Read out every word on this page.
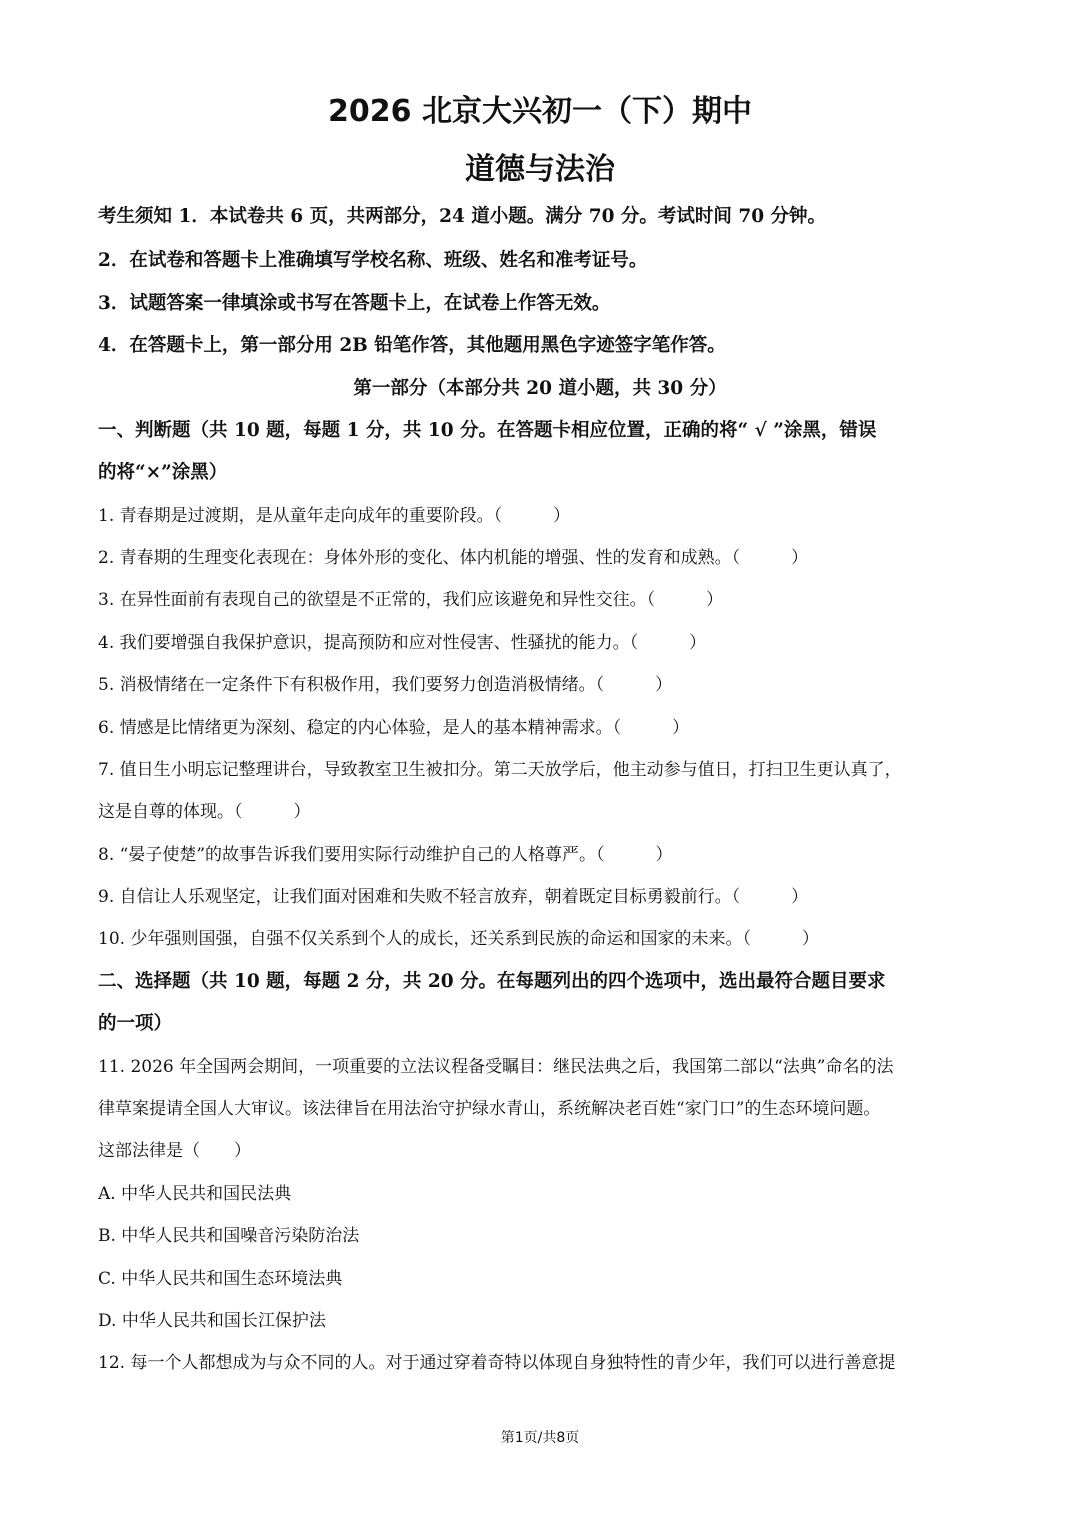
2026 北京大兴初一（下）期中
道德与法治

考生须知 1．本试卷共 6 页，共两部分，24 道小题。满分 70 分。考试时间 70 分钟。

2．在试卷和答题卡上准确填写学校名称、班级、姓名和准考证号。

3．试题答案一律填涂或书写在答题卡上，在试卷上作答无效。

4．在答题卡上，第一部分用 2B 铅笔作答，其他题用黑色字迹签字笔作答。

第一部分（本部分共 20 道小题，共 30 分）

一、判断题（共 10 题，每题 1 分，共 10 分。在答题卡相应位置，正确的将“ √ ”涂黑，错误

的将“×”涂黑）

1. 青春期是过渡期，是从童年走向成年的重要阶段。（　　　）

2. 青春期的生理变化表现在：身体外形的变化、体内机能的增强、性的发育和成熟。（　　　）

3. 在异性面前有表现自己的欲望是不正常的，我们应该避免和异性交往。（　　　）

4. 我们要增强自我保护意识，提高预防和应对性侵害、性骚扰的能力。（　　　）

5. 消极情绪在一定条件下有积极作用，我们要努力创造消极情绪。（　　　）

6. 情感是比情绪更为深刻、稳定的内心体验，是人的基本精神需求。（　　　）

7. 值日生小明忘记整理讲台，导致教室卫生被扣分。第二天放学后，他主动参与值日，打扫卫生更认真了，

这是自尊的体现。（　　　）

8. “晏子使楚”的故事告诉我们要用实际行动维护自己的人格尊严。（　　　）

9. 自信让人乐观坚定，让我们面对困难和失败不轻言放弃，朝着既定目标勇毅前行。（　　　）

10. 少年强则国强，自强不仅关系到个人的成长，还关系到民族的命运和国家的未来。（　　　）

二、选择题（共 10 题，每题 2 分，共 20 分。在每题列出的四个选项中，选出最符合题目要求

的一项）

11. 2026 年全国两会期间，一项重要的立法议程备受瞩目：继民法典之后，我国第二部以“法典”命名的法

律草案提请全国人大审议。该法律旨在用法治守护绿水青山，系统解决老百姓“家门口”的生态环境问题。

这部法律是（　　）

A. 中华人民共和国民法典

B. 中华人民共和国噪音污染防治法

C. 中华人民共和国生态环境法典

D. 中华人民共和国长江保护法

12. 每一个人都想成为与众不同的人。对于通过穿着奇特以体现自身独特性的青少年，我们可以进行善意提

第1页/共8页
